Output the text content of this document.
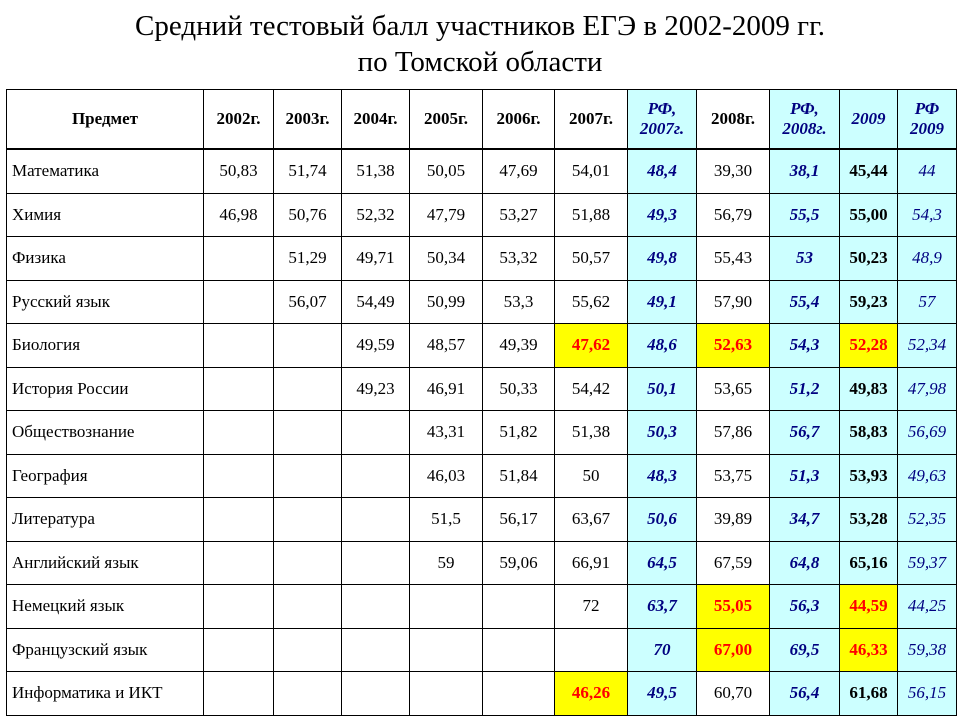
Средний тестовый балл участников ЕГЭ в 2002-2009 гг.
по Томской области
Предмет	2002г.	2003г.	2004г.	2005г.	2006г.	2007г.	РФ, 2007г.	2008г.	РФ, 2008г.	2009	РФ 2009
Математика	50,83	51,74	51,38	50,05	47,69	54,01	48,4	39,30	38,1	45,44	44
Химия	46,98	50,76	52,32	47,79	53,27	51,88	49,3	56,79	55,5	55,00	54,3
Физика		51,29	49,71	50,34	53,32	50,57	49,8	55,43	53	50,23	48,9
Русский язык		56,07	54,49	50,99	53,3	55,62	49,1	57,90	55,4	59,23	57
Биология			49,59	48,57	49,39	47,62	48,6	52,63	54,3	52,28	52,34
История России			49,23	46,91	50,33	54,42	50,1	53,65	51,2	49,83	47,98
Обществознание				43,31	51,82	51,38	50,3	57,86	56,7	58,83	56,69
География				46,03	51,84	50	48,3	53,75	51,3	53,93	49,63
Литература				51,5	56,17	63,67	50,6	39,89	34,7	53,28	52,35
Английский язык				59	59,06	66,91	64,5	67,59	64,8	65,16	59,37
Немецкий язык						72	63,7	55,05	56,3	44,59	44,25
Французский язык							70	67,00	69,5	46,33	59,38
Информатика и ИКТ						46,26	49,5	60,70	56,4	61,68	56,15
